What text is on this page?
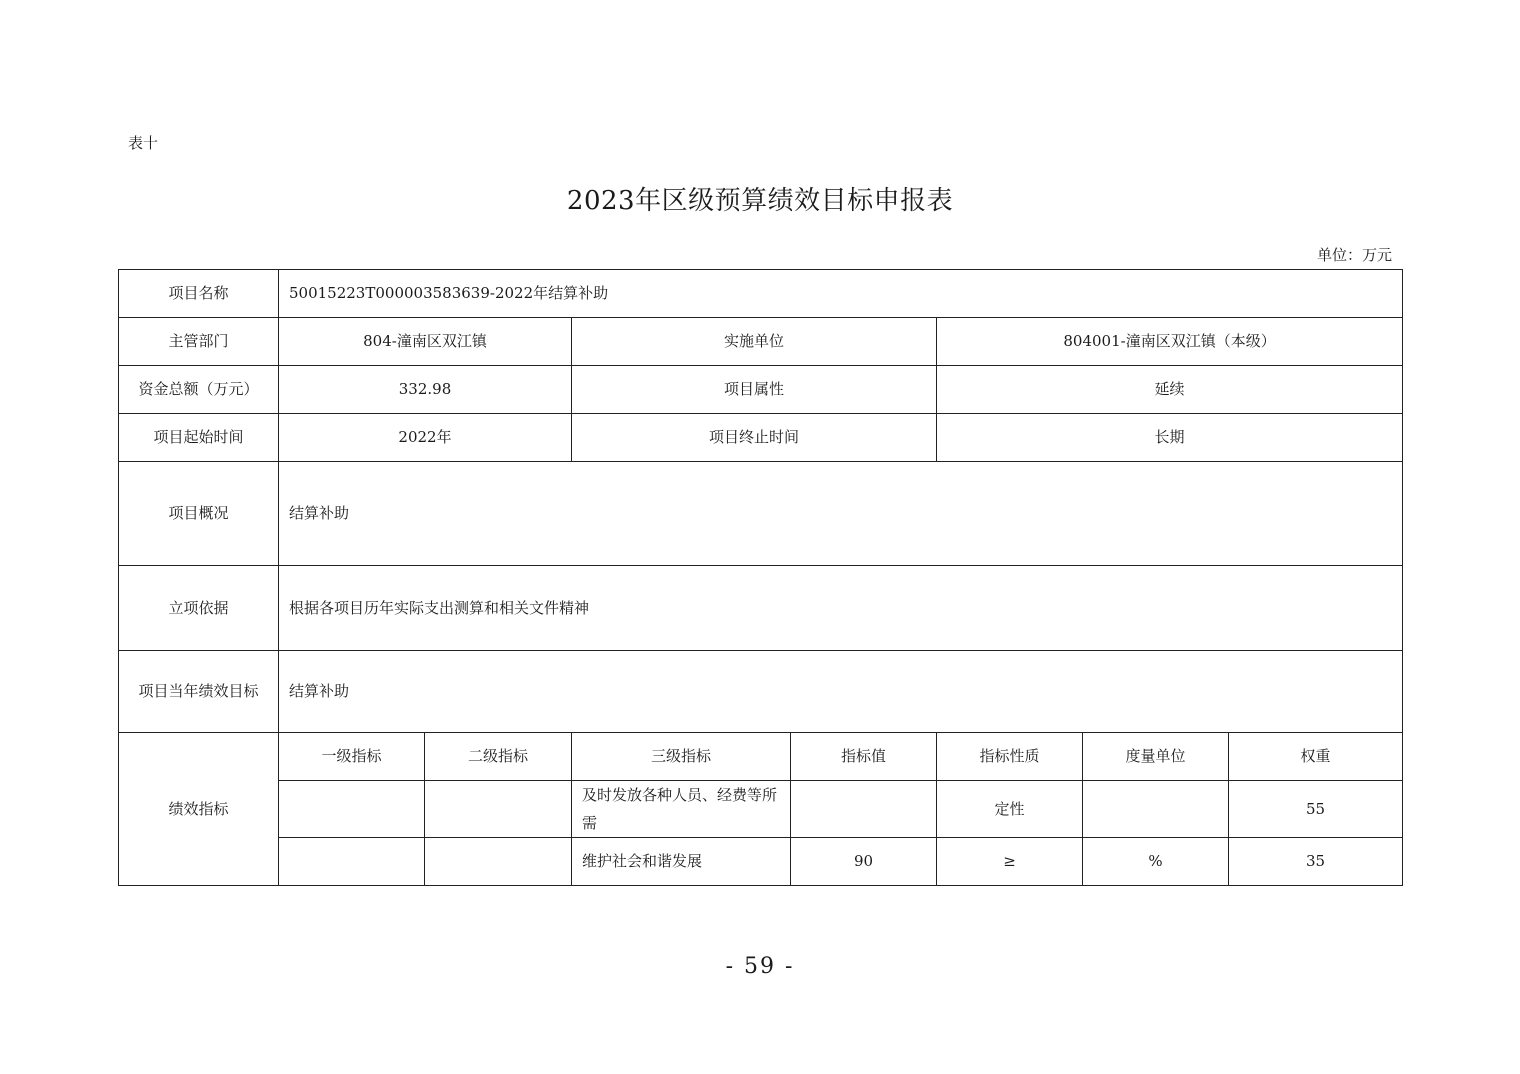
表十
2023年区级预算绩效目标申报表
单位：万元
项目名称	50015223T000003583639-2022年结算补助						
主管部门	804-潼南区双江镇		实施单位		804001-潼南区双江镇（本级）		
资金总额（万元）	332.98		项目属性		延续		
项目起始时间	2022年		项目终止时间		长期		
项目概况	结算补助						
立项依据	根据各项目历年实际支出测算和相关文件精神						
项目当年绩效目标	结算补助						
绩效指标	一级指标	二级指标	三级指标	指标值	指标性质	度量单位	权重
			及时发放各种人员、经费等所需		定性		55
			维护社会和谐发展	90	≥	%	35
- 59 -
